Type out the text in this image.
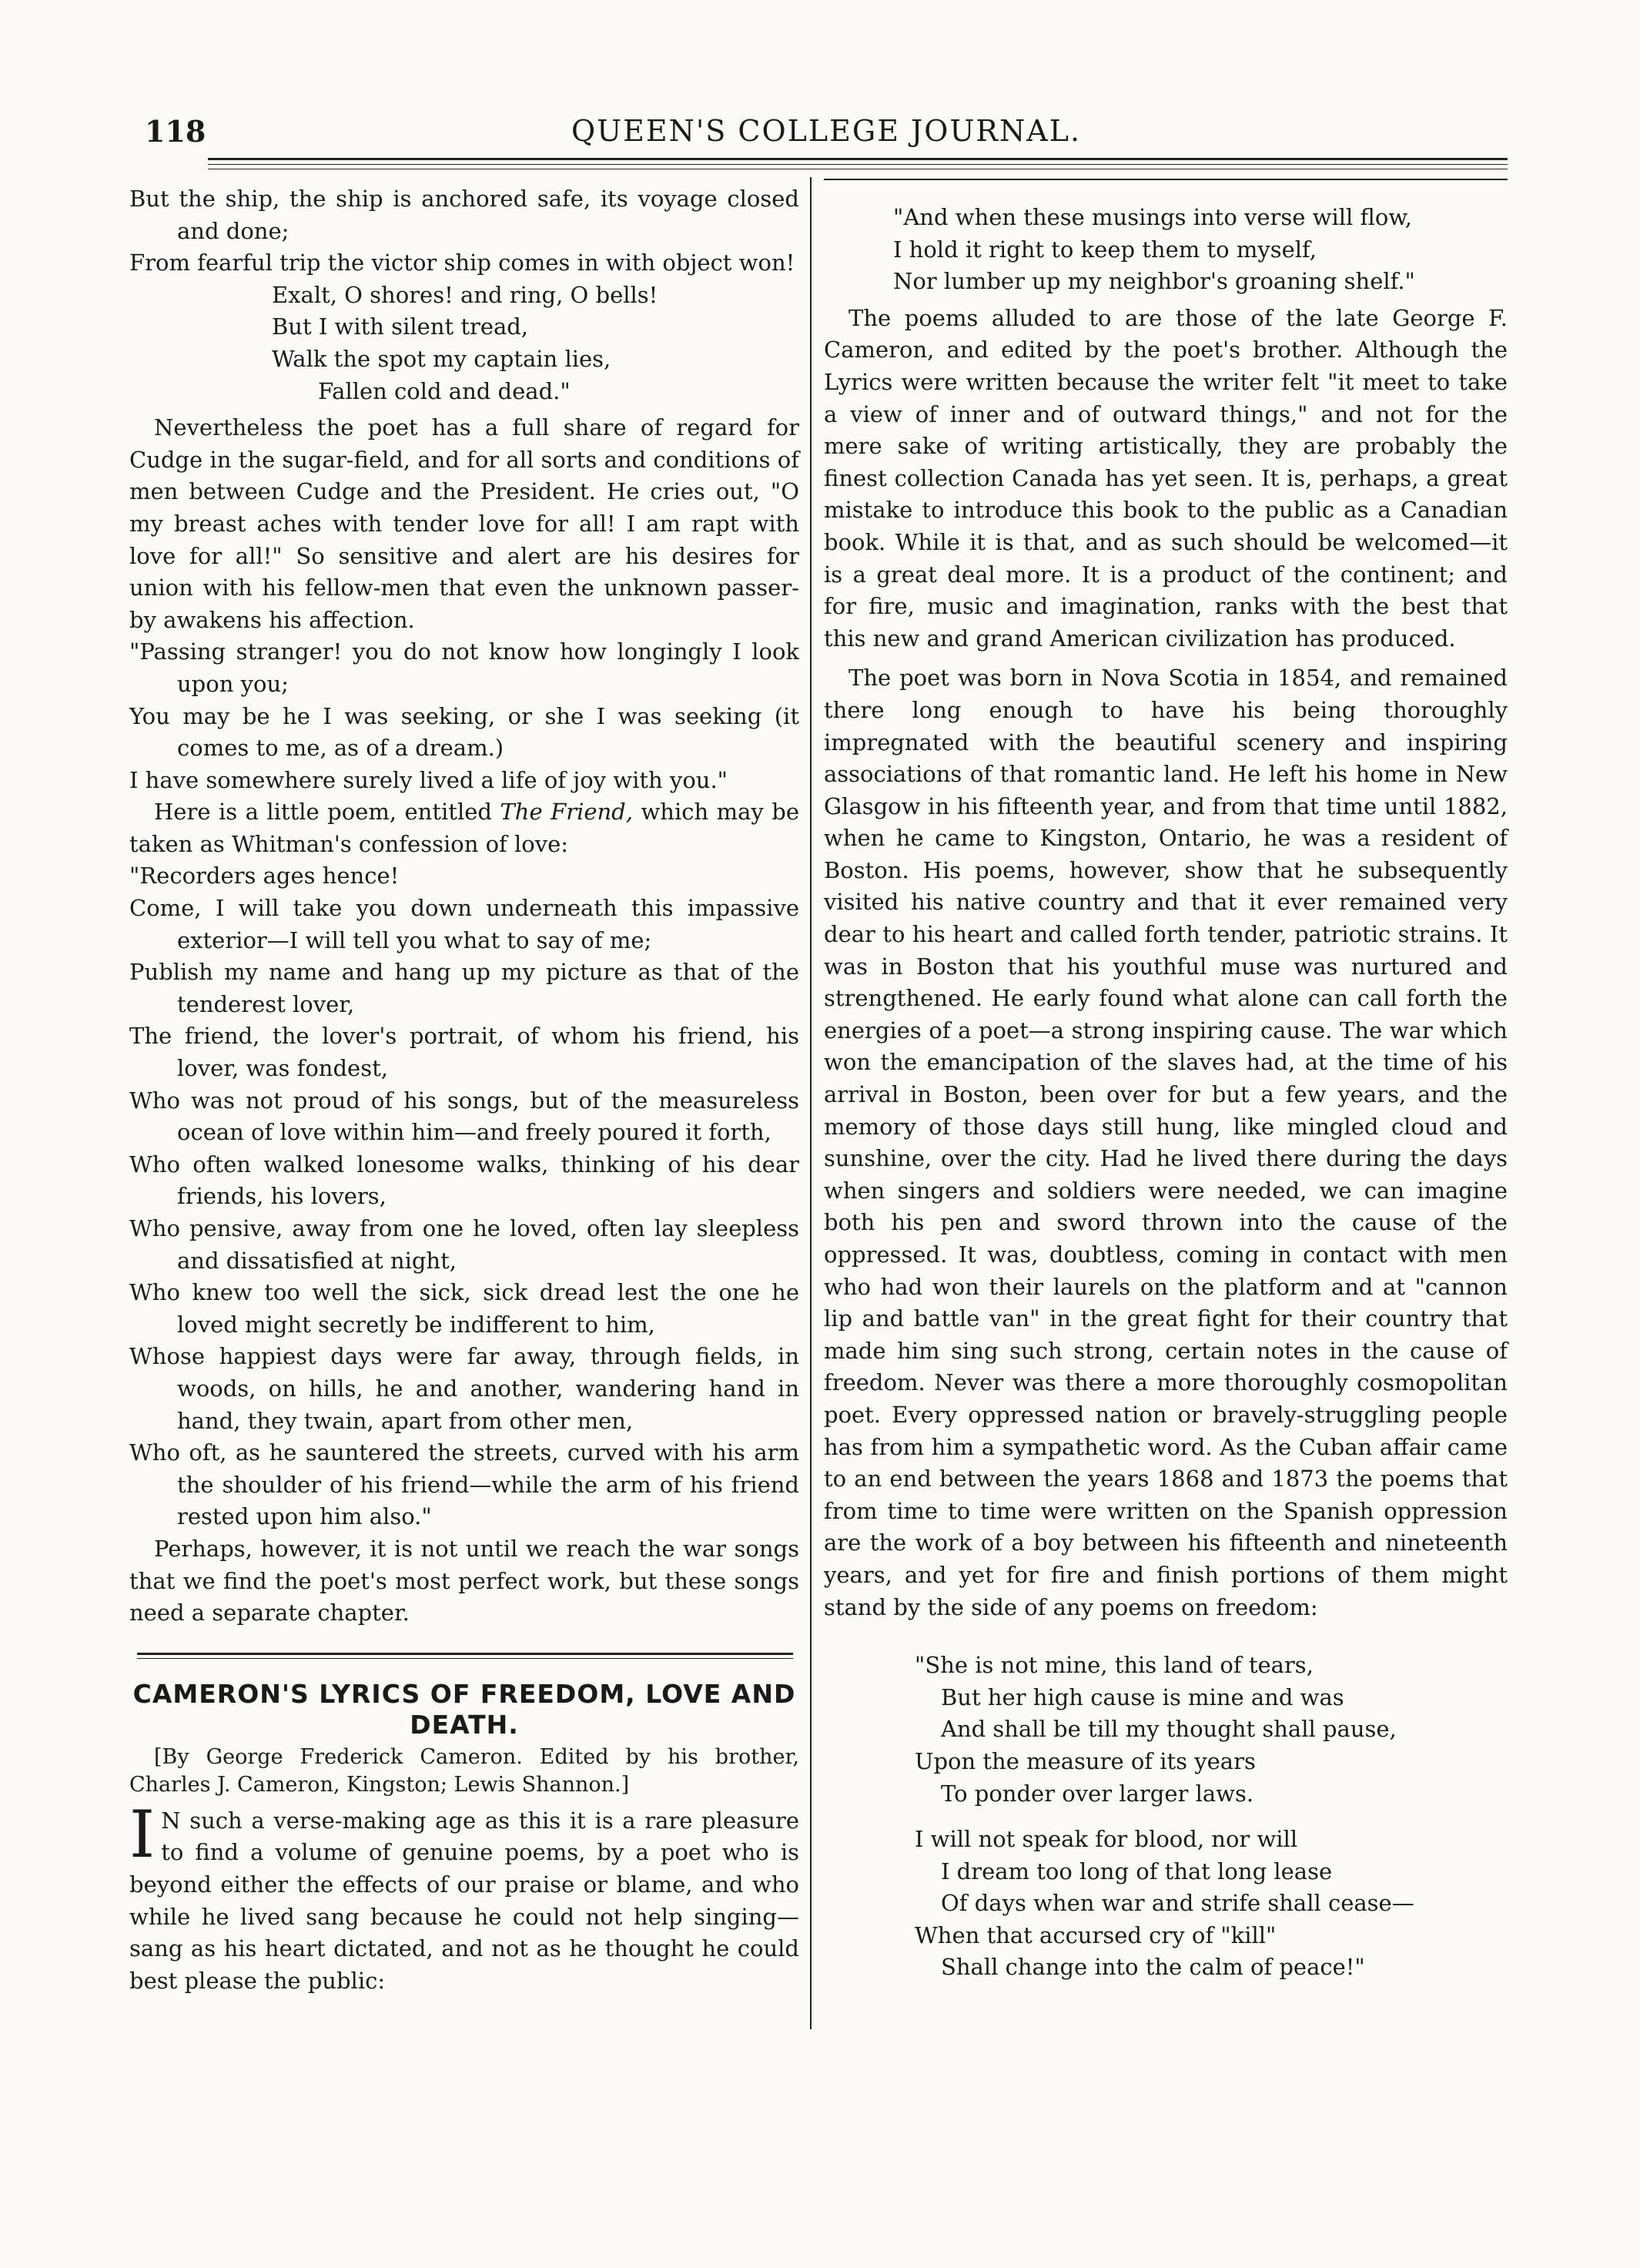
118	QUEEN'S COLLEGE JOURNAL.

But the ship, the ship is anchored safe, its voyage closed and done;

From fearful trip the victor ship comes in with object won!

Exalt, O shores! and ring, O bells!

But I with silent tread,

Walk the spot my captain lies,

Fallen cold and dead."

Nevertheless the poet has a full share of regard for Cudge in the sugar-field, and for all sorts and conditions of men between Cudge and the President. He cries out, "O my breast aches with tender love for all! I am rapt with love for all!" So sensitive and alert are his desires for union with his fellow-men that even the unknown passer-by awakens his affection.

"Passing stranger! you do not know how longingly I look upon you;

You may be he I was seeking, or she I was seeking (it comes to me, as of a dream.)

I have somewhere surely lived a life of joy with you."

Here is a little poem, entitled The Friend, which may be taken as Whitman's confession of love:

"Recorders ages hence!

Come, I will take you down underneath this impassive exterior—I will tell you what to say of me;

Publish my name and hang up my picture as that of the tenderest lover,

The friend, the lover's portrait, of whom his friend, his lover, was fondest,

Who was not proud of his songs, but of the measureless ocean of love within him—and freely poured it forth,

Who often walked lonesome walks, thinking of his dear friends, his lovers,

Who pensive, away from one he loved, often lay sleepless and dissatisfied at night,

Who knew too well the sick, sick dread lest the one he loved might secretly be indifferent to him,

Whose happiest days were far away, through fields, in woods, on hills, he and another, wandering hand in hand, they twain, apart from other men,

Who oft, as he sauntered the streets, curved with his arm the shoulder of his friend—while the arm of his friend rested upon him also."

Perhaps, however, it is not until we reach the war songs that we find the poet's most perfect work, but these songs need a separate chapter.

CAMERON'S LYRICS OF FREEDOM, LOVE AND DEATH.

[By George Frederick Cameron. Edited by his brother, Charles J. Cameron, Kingston; Lewis Shannon.]

I N such a verse-making age as this it is a rare pleasure to find a volume of genuine poems, by a poet who is beyond either the effects of our praise or blame, and who while he lived sang because he could not help singing—sang as his heart dictated, and not as he thought he could best please the public:

"And when these musings into verse will flow,

I hold it right to keep them to myself,

Nor lumber up my neighbor's groaning shelf."

The poems alluded to are those of the late George F. Cameron, and edited by the poet's brother. Although the Lyrics were written because the writer felt "it meet to take a view of inner and of outward things," and not for the mere sake of writing artistically, they are probably the finest collection Canada has yet seen. It is, perhaps, a great mistake to introduce this book to the public as a Canadian book. While it is that, and as such should be welcomed—it is a great deal more. It is a product of the continent; and for fire, music and imagination, ranks with the best that this new and grand American civilization has produced.

The poet was born in Nova Scotia in 1854, and remained there long enough to have his being thoroughly impregnated with the beautiful scenery and inspiring associations of that romantic land. He left his home in New Glasgow in his fifteenth year, and from that time until 1882, when he came to Kingston, Ontario, he was a resident of Boston. His poems, however, show that he subsequently visited his native country and that it ever remained very dear to his heart and called forth tender, patriotic strains. It was in Boston that his youthful muse was nurtured and strengthened. He early found what alone can call forth the energies of a poet—a strong inspiring cause. The war which won the emancipation of the slaves had, at the time of his arrival in Boston, been over for but a few years, and the memory of those days still hung, like mingled cloud and sunshine, over the city. Had he lived there during the days when singers and soldiers were needed, we can imagine both his pen and sword thrown into the cause of the oppressed. It was, doubtless, coming in contact with men who had won their laurels on the platform and at "cannon lip and battle van" in the great fight for their country that made him sing such strong, certain notes in the cause of freedom. Never was there a more thoroughly cosmopolitan poet. Every oppressed nation or bravely-struggling people has from him a sympathetic word. As the Cuban affair came to an end between the years 1868 and 1873 the poems that from time to time were written on the Spanish oppression are the work of a boy between his fifteenth and nineteenth years, and yet for fire and finish portions of them might stand by the side of any poems on freedom:

"She is not mine, this land of tears,

But her high cause is mine and was

And shall be till my thought shall pause,

Upon the measure of its years

To ponder over larger laws.

I will not speak for blood, nor will

I dream too long of that long lease

Of days when war and strife shall cease—

When that accursed cry of "kill"

Shall change into the calm of peace!"
